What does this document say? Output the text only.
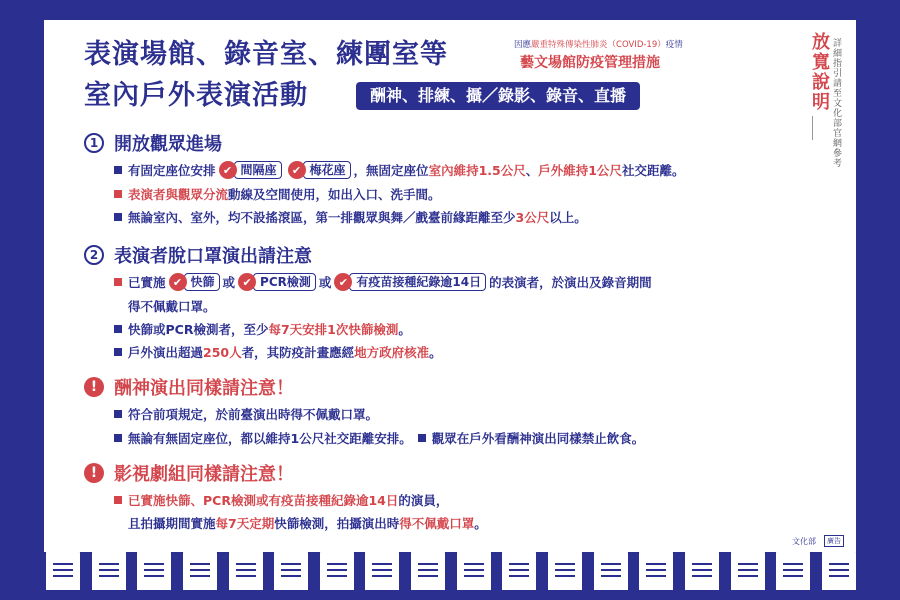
表演場館、錄音室、練團室等
室內戶外表演活動	酬神、排練、攝／錄影、錄音、直播
因應嚴重特殊傳染性肺炎（COVID-19）疫情
藝文場館防疫管理措施	放寬說明 詳細指引請至文化部官網參考
1 開放觀眾進場
有固定座位安排 ✔ 間隔座	✔ 梅花座 ，無固定座位 室內維持1.5公尺 、 戶外維持1公尺 社交距離。
表演者與觀眾分流 動線及空間使用，如出入口、洗手間。
無論室內、室外，均不設搖滾區，第一排觀眾與舞／戲臺前緣距離至少 3公尺 以上。
2 表演者脫口罩演出請注意
已實施 ✔ 快篩 或 ✔ PCR檢測 或 ✔ 有疫苗接種紀錄逾14日 的表演者，於演出及錄音期間
得不佩戴口罩。
快篩或PCR檢測者，至少 每7天安排1次快篩檢測 。
戶外演出超過 250人 者，其防疫計畫應經 地方政府核准 。
! 酬神演出同樣請注意！
符合前項規定，於前臺演出時得不佩戴口罩。
無論有無固定座位，都以維持1公尺社交距離安排。 觀眾在戶外看酬神演出同樣禁止飲食。
! 影視劇組同樣請注意！
已實施快篩、PCR檢測或有疫苗接種紀錄逾14日 的演員，
且拍攝期間實施 每7天定期 快篩檢測，拍攝演出時 得不佩戴口罩 。
文化部	廣告
